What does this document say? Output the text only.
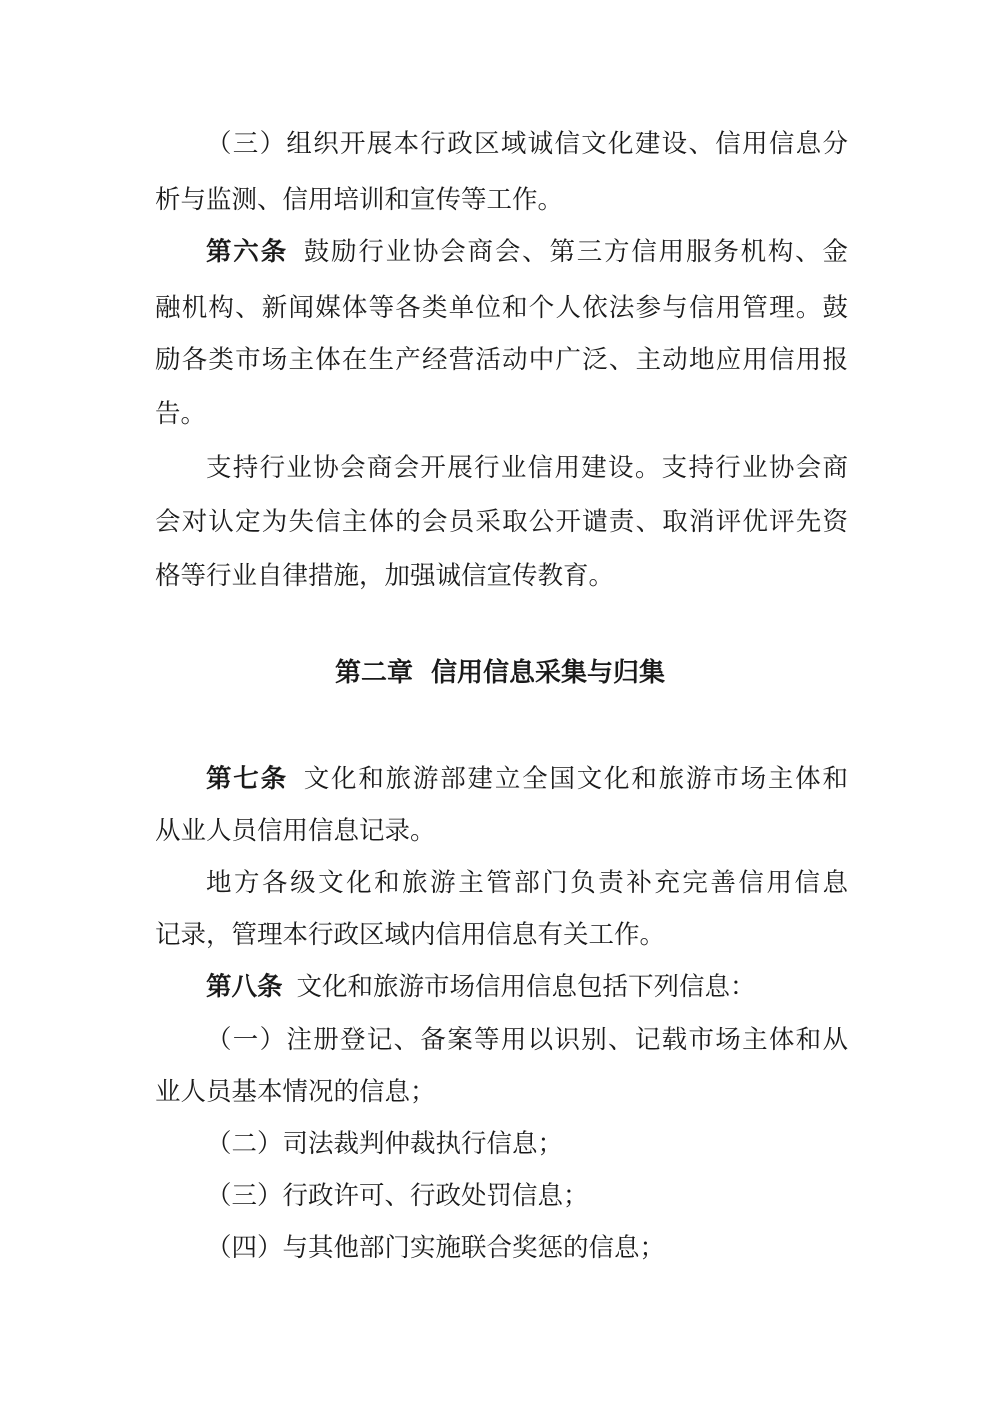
（三）组织开展本行政区域诚信文化建设、信用信息分
析与监测、信用培训和宣传等工作。
第六条 鼓励行业协会商会、第三方信用服务机构、金
融机构、新闻媒体等各类单位和个人依法参与信用管理。鼓
励各类市场主体在生产经营活动中广泛、主动地应用信用报
告。
支持行业协会商会开展行业信用建设。支持行业协会商
会对认定为失信主体的会员采取公开谴责、取消评优评先资
格等行业自律措施，加强诚信宣传教育。
第二章 信用信息采集与归集
第七条 文化和旅游部建立全国文化和旅游市场主体和
从业人员信用信息记录。
地方各级文化和旅游主管部门负责补充完善信用信息
记录，管理本行政区域内信用信息有关工作。
第八条 文化和旅游市场信用信息包括下列信息：
（一）注册登记、备案等用以识别、记载市场主体和从
业人员基本情况的信息；
（二）司法裁判仲裁执行信息；
（三）行政许可、行政处罚信息；
（四）与其他部门实施联合奖惩的信息；
